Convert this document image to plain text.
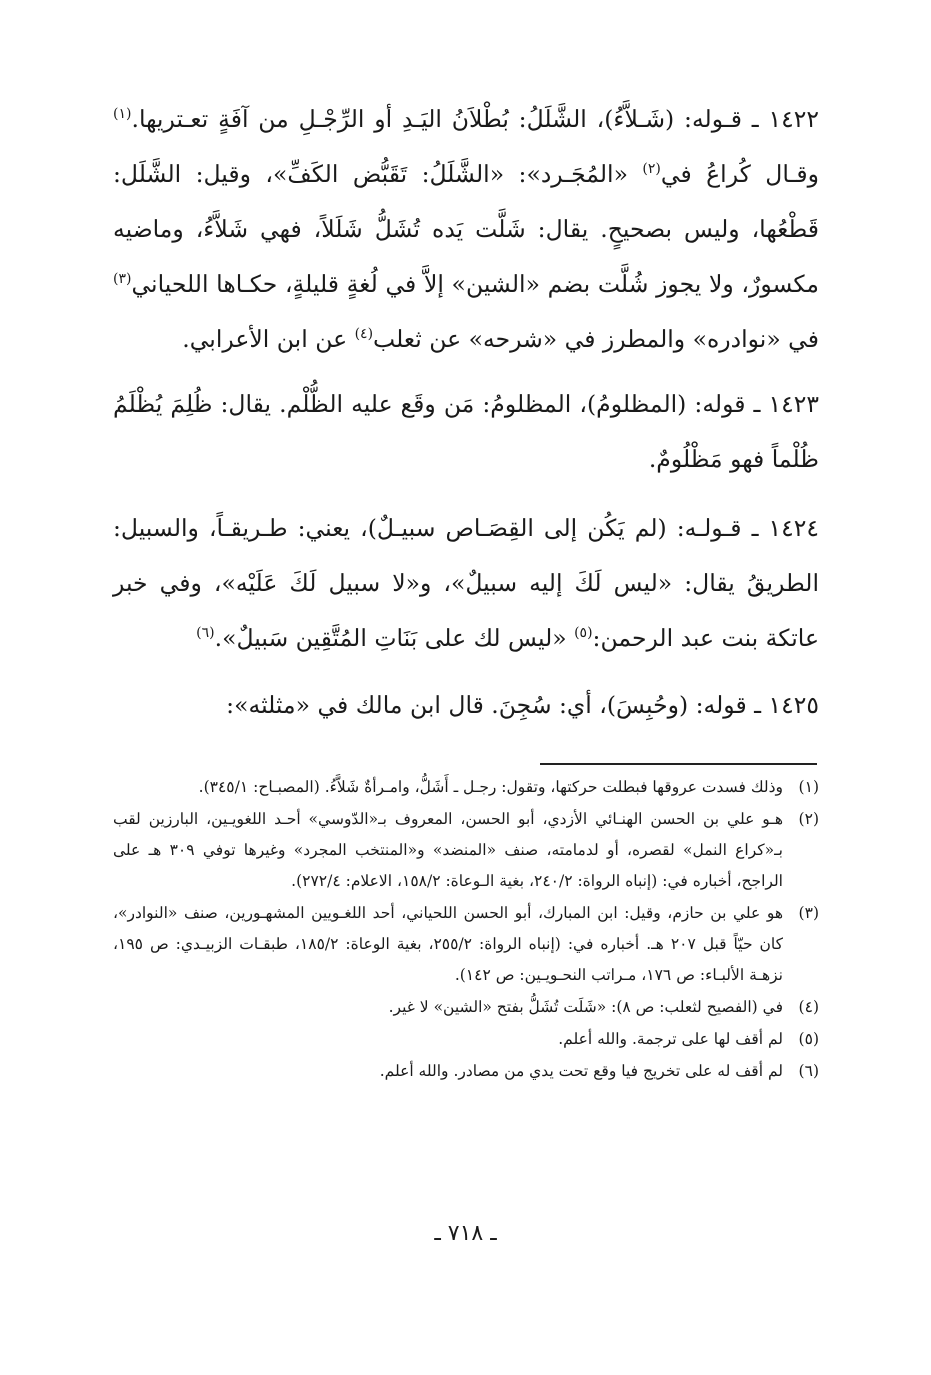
١٤٢٢ ـ قـوله: (شَـلاَّءُ)، الشَّلَلُ: بُطْلاَنُ اليَـدِ أو الرِّجْـلِ من آفَةٍ تعـتريها.$^{(١)}$ وقـال كُراعُ في$^{(٢)}$ «المُجَـرد»: «الشَّلَلُ: تَقَبُّض الكَفِّ»، وقيل: الشَّلَل: قَطْعُها، وليس بصحيحٍ. يقال: شَلَّت يَده تُشَلُّ شَلَلاً، فهي شَلاَّءُ، وماضيه مكسورٌ، ولا يجوز شُلَّت بضم «الشين» إلاَّ في لُغةٍ قليلةٍ، حكـاها اللحياني$^{(٣)}$ في «نوادره» والمطرز في «شرحه» عن ثعلب$^{(٤)}$ عن ابن الأعرابي.

١٤٢٣ ـ قوله: (المظلومُ)، المظلومُ: مَن وقَع عليه الظُّلْم. يقال: ظُلِمَ يُظْلَمُ ظُلْماً فهو مَظْلُومٌ.

١٤٢٤ ـ قـولـه: (لم يَكُن إلى القِصَـاص سبيـلٌ)، يعني: طـريقـاً، والسبيل: الطريقُ يقال: «ليس لَكَ إليه سبيلٌ»، و«لا سبيل لَكَ عَلَيْه»، وفي خبر عاتكة بنت عبد الرحمن:$^{(٥)}$ «ليس لك على بَنَاتِ المُتَّقِين سَبيلٌ».$^{(٦)}$

١٤٢٥ ـ قوله: (وحُبِسَ)، أي: سُجِنَ. قال ابن مالك في «مثلثه»:

(١)
وذلك فسدت عروقها فبطلت حركتها، وتقول: رجـل ـ أَشَلُّ، وامـرأةٌ شَلاَّءُ. (المصبـاح: ٣٤٥/١).
(٢)
هـو علي بن الحسن الهنـائي الأزدي، أبو الحسن، المعروف بـ«الدّوسي» أحـد اللغويـين، البارزين لقب بـ«كراع النمل» لقصره، أو لدمامته، صنف «المنضد» و«المنتخب المجرد» وغيرها توفي ٣٠٩ هـ على الراجح، أخباره في: (إنباه الرواة: ٢٤٠/٢، بغية الـوعاة: ١٥٨/٢، الاعلام: ٢٧٢/٤).
(٣)
هو علي بن حازم، وقيل: ابن المبارك، أبو الحسن اللحياني، أحد اللغـويين المشهـورين، صنف «النوادر»، كان حيّاً قبل ٢٠٧ هـ. أخباره في: (إنباه الرواة: ٢٥٥/٢، بغية الوعاة: ١٨٥/٢، طبقـات الزبيـدي: ص ١٩٥، نزهـة الألبـاء: ص ١٧٦، مـراتب النحـويـين: ص ١٤٢).
(٤)
في (الفصيح لثعلب: ص ٨): «شَلَت تُشَلُّ بفتح «الشين» لا غير.
(٥)
لم أقف لها على ترجمة. والله أعلم.
(٦)
لم أقف له على تخريج فيا وقع تحت يدي من مصادر. والله أعلم.
ـ ٧١٨ ـ
